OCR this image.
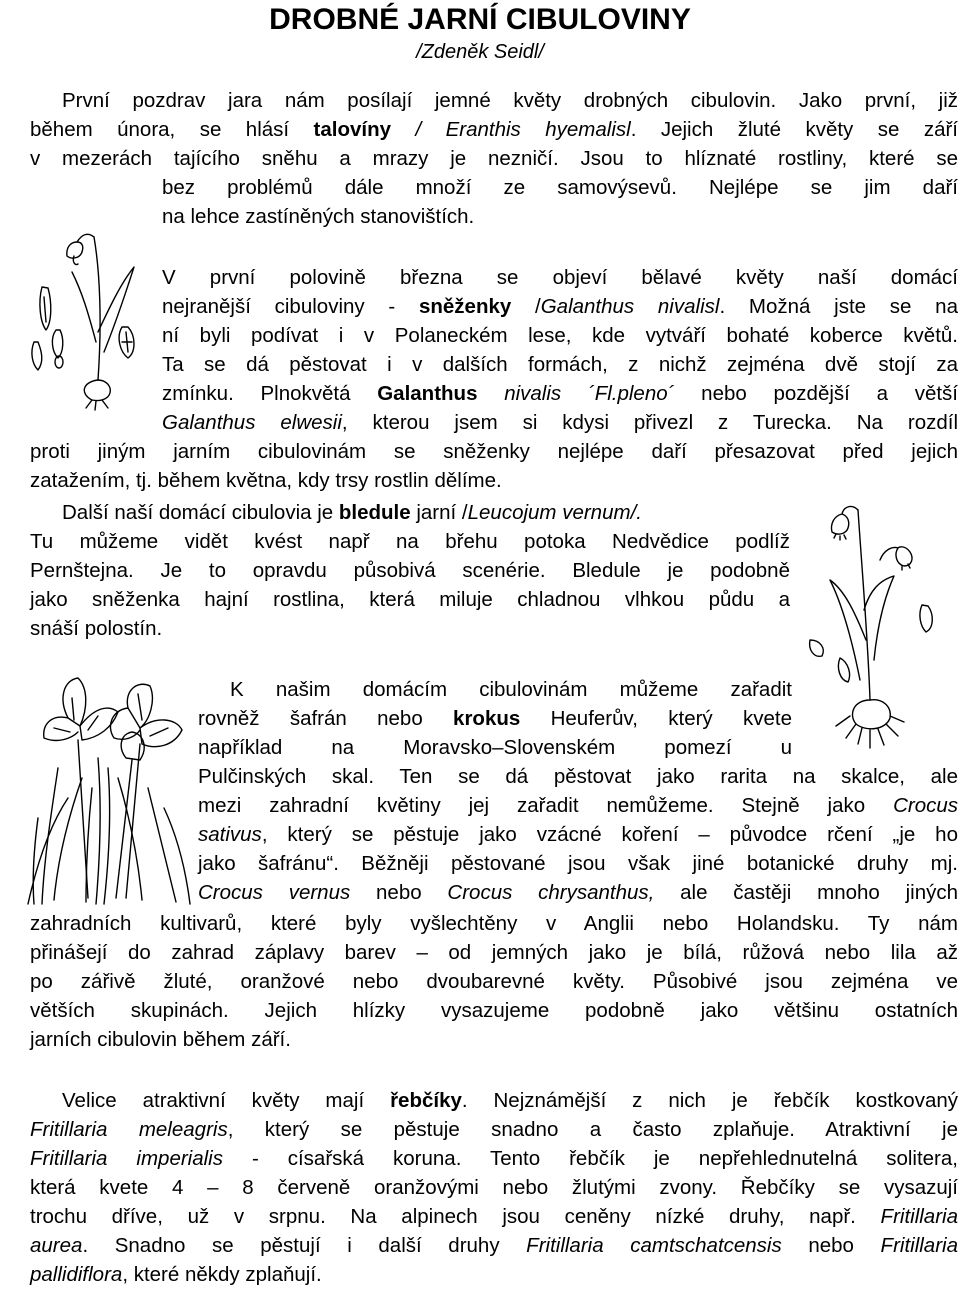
DROBNÉ JARNÍ CIBULOVINY
/Zdeněk Seidl/
První pozdrav jara nám posílají jemné květy drobných cibulovin. Jako první, již
během února, se hlásí talovíny / Eranthis hyemalisl. Jejich žluté květy se září
v mezerách tajícího sněhu a mrazy je nezničí. Jsou to hlíznaté rostliny, které se
bez problémů dále množí ze samovýsevů. Nejlépe se jim daří
na lehce zastíněných stanovištích.
V první polovině března se objeví bělavé květy naší domácí
nejranější cibuloviny - sněženky /Galanthus nivalisl. Možná jste se na
ní byli podívat i v Polaneckém lese, kde vytváří bohaté koberce květů.
Ta se dá pěstovat i v dalších formách, z nichž zejména dvě stojí za
zmínku. Plnokvětá Galanthus nivalis ´Fl.pleno´ nebo pozdější a větší
Galanthus elwesii, kterou jsem si kdysi přivezl z Turecka. Na rozdíl
proti jiným jarním cibulovinám se sněženky nejlépe daří přesazovat před jejich
zatažením, tj. během května, kdy trsy rostlin dělíme.
Další naší domácí cibulovia je bledule jarní /Leucojum vernum/.
Tu můžeme vidět kvést např na břehu potoka Nedvědice podlíž
Pernštejna. Je to opravdu působivá scenérie. Bledule je podobně
jako sněženka hajní rostlina, která miluje chladnou vlhkou půdu a
snáší polostín.
K našim domácím cibulovinám můžeme zařadit
rovněž šafrán nebo krokus Heuferův, který kvete
například na Moravsko–Slovenském pomezí u
Pulčinských skal. Ten se dá pěstovat jako rarita na skalce, ale
mezi zahradní květiny jej zařadit nemůžeme. Stejně jako Crocus
sativus, který se pěstuje jako vzácné koření – původce rčení „je ho
jako šafránu“. Běžněji pěstované jsou však jiné botanické druhy mj.
Crocus vernus nebo Crocus chrysanthus, ale častěji mnoho jiných
zahradních kultivarů, které byly vyšlechtěny v Anglii nebo Holandsku. Ty nám
přinášejí do zahrad záplavy barev – od jemných jako je bílá, růžová nebo lila až
po zářivě žluté, oranžové nebo dvoubarevné květy. Působivé jsou zejména ve
větších skupinách. Jejich hlízky vysazujeme podobně jako většinu ostatních
jarních cibulovin během září.
Velice atraktivní květy mají řebčíky. Nejznámější z nich je řebčík kostkovaný
Fritillaria meleagris, který se pěstuje snadno a často zplaňuje. Atraktivní je
Fritillaria imperialis - císařská koruna. Tento řebčík je nepřehlednutelná solitera,
která kvete 4 – 8 červeně oranžovými nebo žlutými zvony. Řebčíky se vysazují
trochu dříve, už v srpnu. Na alpinech jsou ceněny nízké druhy, např. Fritillaria
aurea. Snadno se pěstují i další druhy Fritillaria camtschatcensis nebo Fritillaria
pallidiflora, které někdy zplaňují.
